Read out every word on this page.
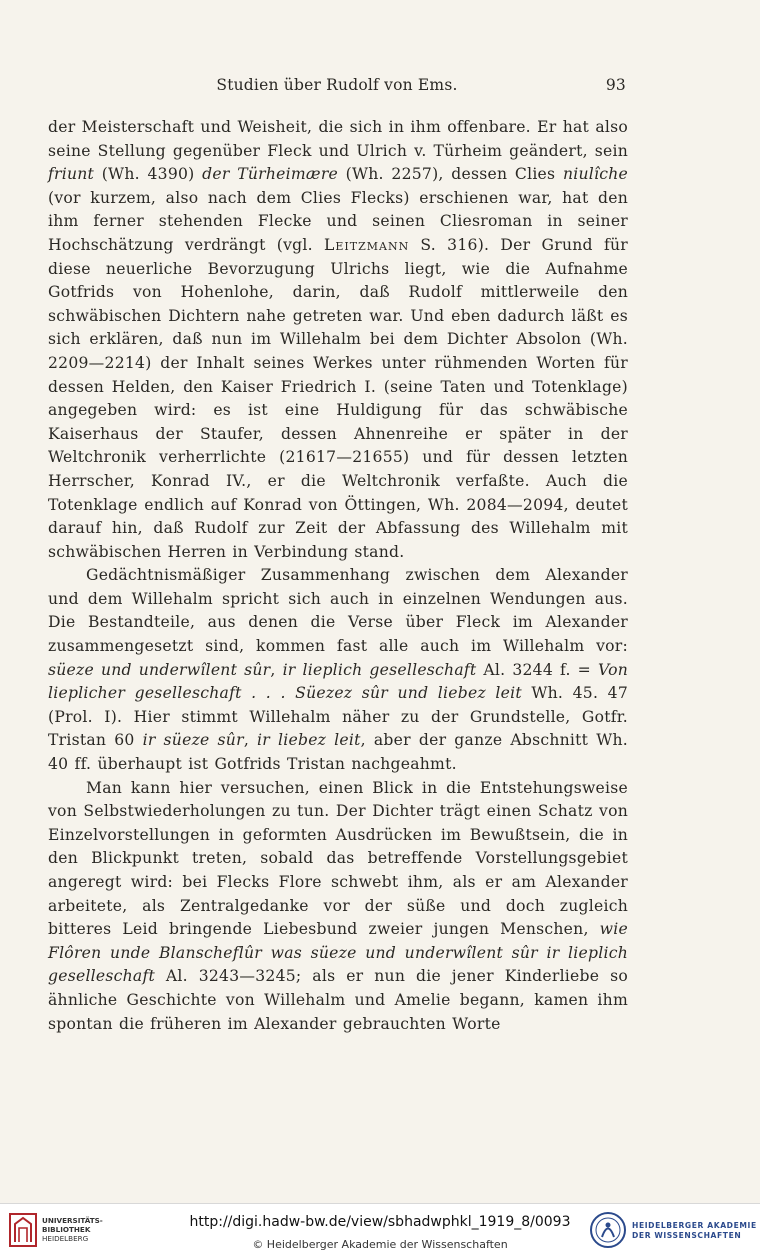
Studien über Rudolf von Ems.	93

der Meisterschaft und Weisheit, die sich in ihm offenbare. Er hat also seine Stellung gegenüber Fleck und Ulrich v. Türheim geändert, sein friunt (Wh. 4390) der Türheimære (Wh. 2257), dessen Clies niulîche (vor kurzem, also nach dem Clies Flecks) erschienen war, hat den ihm ferner stehenden Flecke und seinen Cliesroman in seiner Hochschätzung verdrängt (vgl. Leitzmann S. 316). Der Grund für diese neuerliche Bevorzugung Ulrichs liegt, wie die Aufnahme Gotfrids von Hohenlohe, darin, daß Rudolf mittlerweile den schwäbischen Dichtern nahe getreten war. Und eben dadurch läßt es sich erklären, daß nun im Willehalm bei dem Dichter Absolon (Wh. 2209—2214) der Inhalt seines Werkes unter rühmenden Worten für dessen Helden, den Kaiser Friedrich I. (seine Taten und Totenklage) angegeben wird: es ist eine Huldigung für das schwäbische Kaiserhaus der Staufer, dessen Ahnenreihe er später in der Weltchronik verherrlichte (21617—21655) und für dessen letzten Herrscher, Konrad IV., er die Weltchronik verfaßte. Auch die Totenklage endlich auf Konrad von Öttingen, Wh. 2084—2094, deutet darauf hin, daß Rudolf zur Zeit der Abfassung des Willehalm mit schwäbischen Herren in Verbindung stand.

Gedächtnismäßiger Zusammenhang zwischen dem Alexander und dem Willehalm spricht sich auch in einzelnen Wendungen aus. Die Bestandteile, aus denen die Verse über Fleck im Alexander zusammengesetzt sind, kommen fast alle auch im Willehalm vor: süeze und underwîlent sûr, ir lieplich geselleschaft Al. 3244 f. = Von lieplicher geselleschaft . . . Süezez sûr und liebez leit Wh. 45. 47 (Prol. I). Hier stimmt Willehalm näher zu der Grundstelle, Gotfr. Tristan 60 ir süeze sûr, ir liebez leit, aber der ganze Abschnitt Wh. 40 ff. überhaupt ist Gotfrids Tristan nachgeahmt.

Man kann hier versuchen, einen Blick in die Entstehungsweise von Selbstwiederholungen zu tun. Der Dichter trägt einen Schatz von Einzelvorstellungen in geformten Ausdrücken im Bewußtsein, die in den Blickpunkt treten, sobald das betreffende Vorstellungsgebiet angeregt wird: bei Flecks Flore schwebt ihm, als er am Alexander arbeitete, als Zentralgedanke vor der süße und doch zugleich bitteres Leid bringende Liebesbund zweier jungen Menschen, wie Flôren unde Blanscheflûr was süeze und underwîlent sûr ir lieplich geselleschaft Al. 3243—3245; als er nun die jener Kinderliebe so ähnliche Geschichte von Willehalm und Amelie begann, kamen ihm spontan die früheren im Alexander gebrauchten Worte

UNIVERSITÄTS-
BIBLIOTHEK
HEIDELBERG
http://digi.hadw-bw.de/view/sbhadwphkl_1919_8/0093
© Heidelberger Akademie der Wissenschaften
HEIDELBERGER AKADEMIE
DER WISSENSCHAFTEN
